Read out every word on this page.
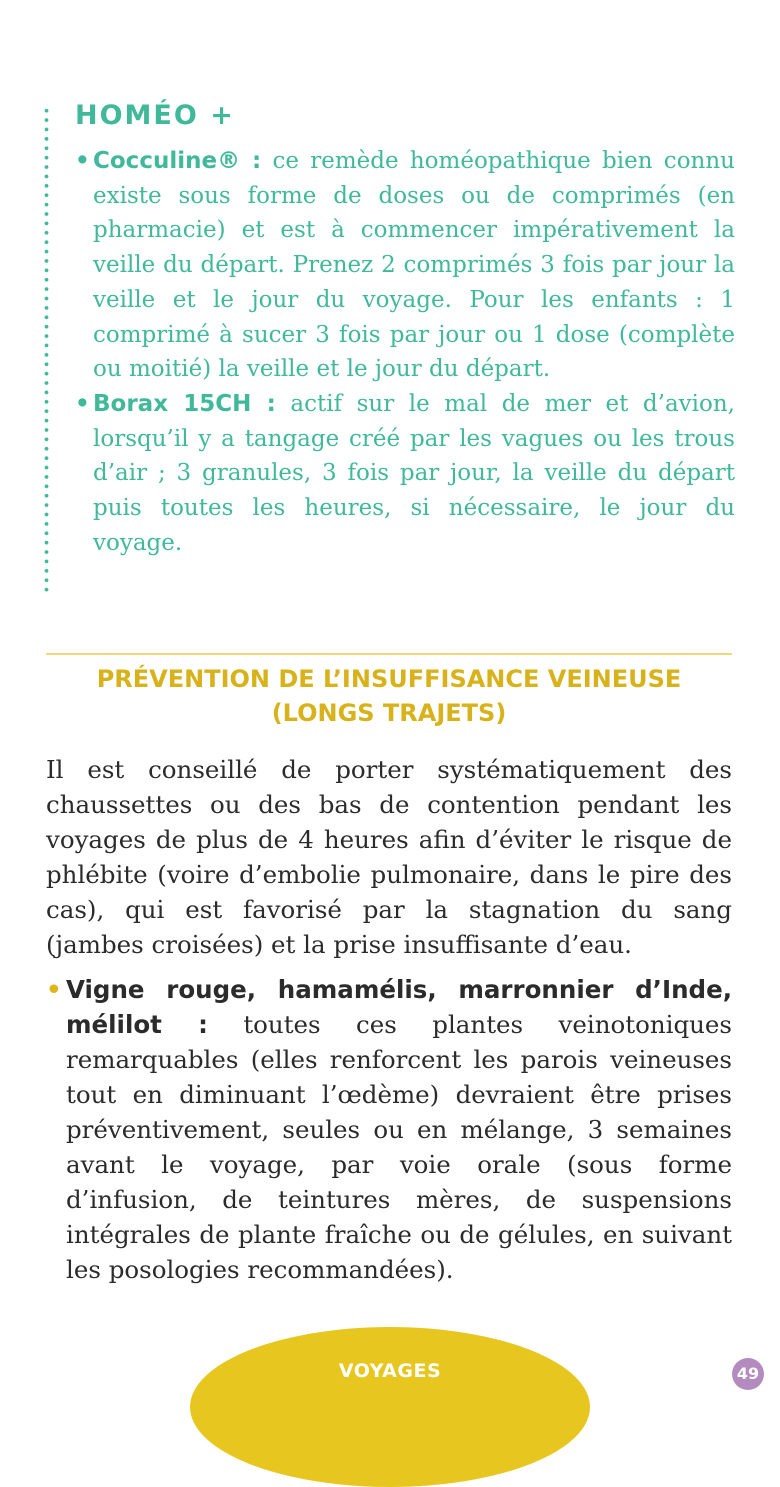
HOMÉO +
• Cocculine® : ce remède homéopathique bien connu existe sous forme de doses ou de comprimés (en pharmacie) et est à commencer impérativement la veille du départ. Prenez 2 comprimés 3 fois par jour la veille et le jour du voyage. Pour les enfants : 1 comprimé à sucer 3 fois par jour ou 1 dose (complète ou moitié) la veille et le jour du départ.
• Borax 15CH : actif sur le mal de mer et d’avion, lorsqu’il y a tangage créé par les vagues ou les trous d’air ; 3 granules, 3 fois par jour, la veille du départ puis toutes les heures, si nécessaire, le jour du voyage.
PRÉVENTION DE L’INSUFFISANCE VEINEUSE
(LONGS TRAJETS)

Il est conseillé de porter systématiquement des chaussettes ou des bas de contention pendant les voyages de plus de 4 heures afin d’éviter le risque de phlébite (voire d’embolie pulmonaire, dans le pire des cas), qui est favorisé par la stagnation du sang (jambes croisées) et la prise insuffisante d’eau.

• Vigne rouge, hamamélis, marronnier d’Inde, mélilot : toutes ces plantes veinotoniques remarquables (elles renforcent les parois veineuses tout en diminuant l’œdème) devraient être prises préventivement, seules ou en mélange, 3 semaines avant le voyage, par voie orale (sous forme d’infusion, de teintures mères, de suspensions intégrales de plante fraîche ou de gélules, en suivant les posologies recommandées).
VOYAGES	49
